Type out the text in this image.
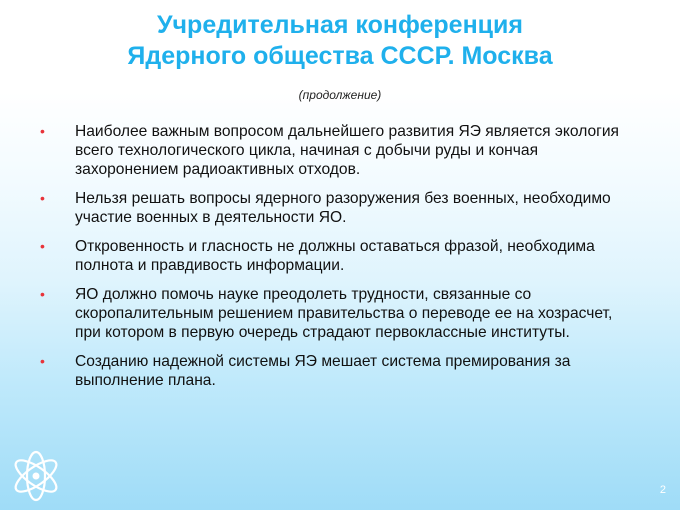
Учредительная конференция
Ядерного общества СССР. Москва
(продолжение)
• Наиболее важным вопросом дальнейшего развития ЯЭ является экология всего технологического цикла, начиная с добычи руды и кончая захоронением радиоактивных отходов.
• Нельзя решать вопросы ядерного разоружения без военных, необходимо участие военных в деятельности ЯО.
• Откровенность и гласность не должны оставаться фразой, необходима полнота и правдивость информации.
• ЯО должно помочь науке преодолеть трудности, связанные со скоропалительным решением правительства о переводе ее на хозрасчет, при котором в первую очередь страдают первоклассные институты.
• Созданию надежной системы ЯЭ мешает система премирования за выполнение плана.
2
